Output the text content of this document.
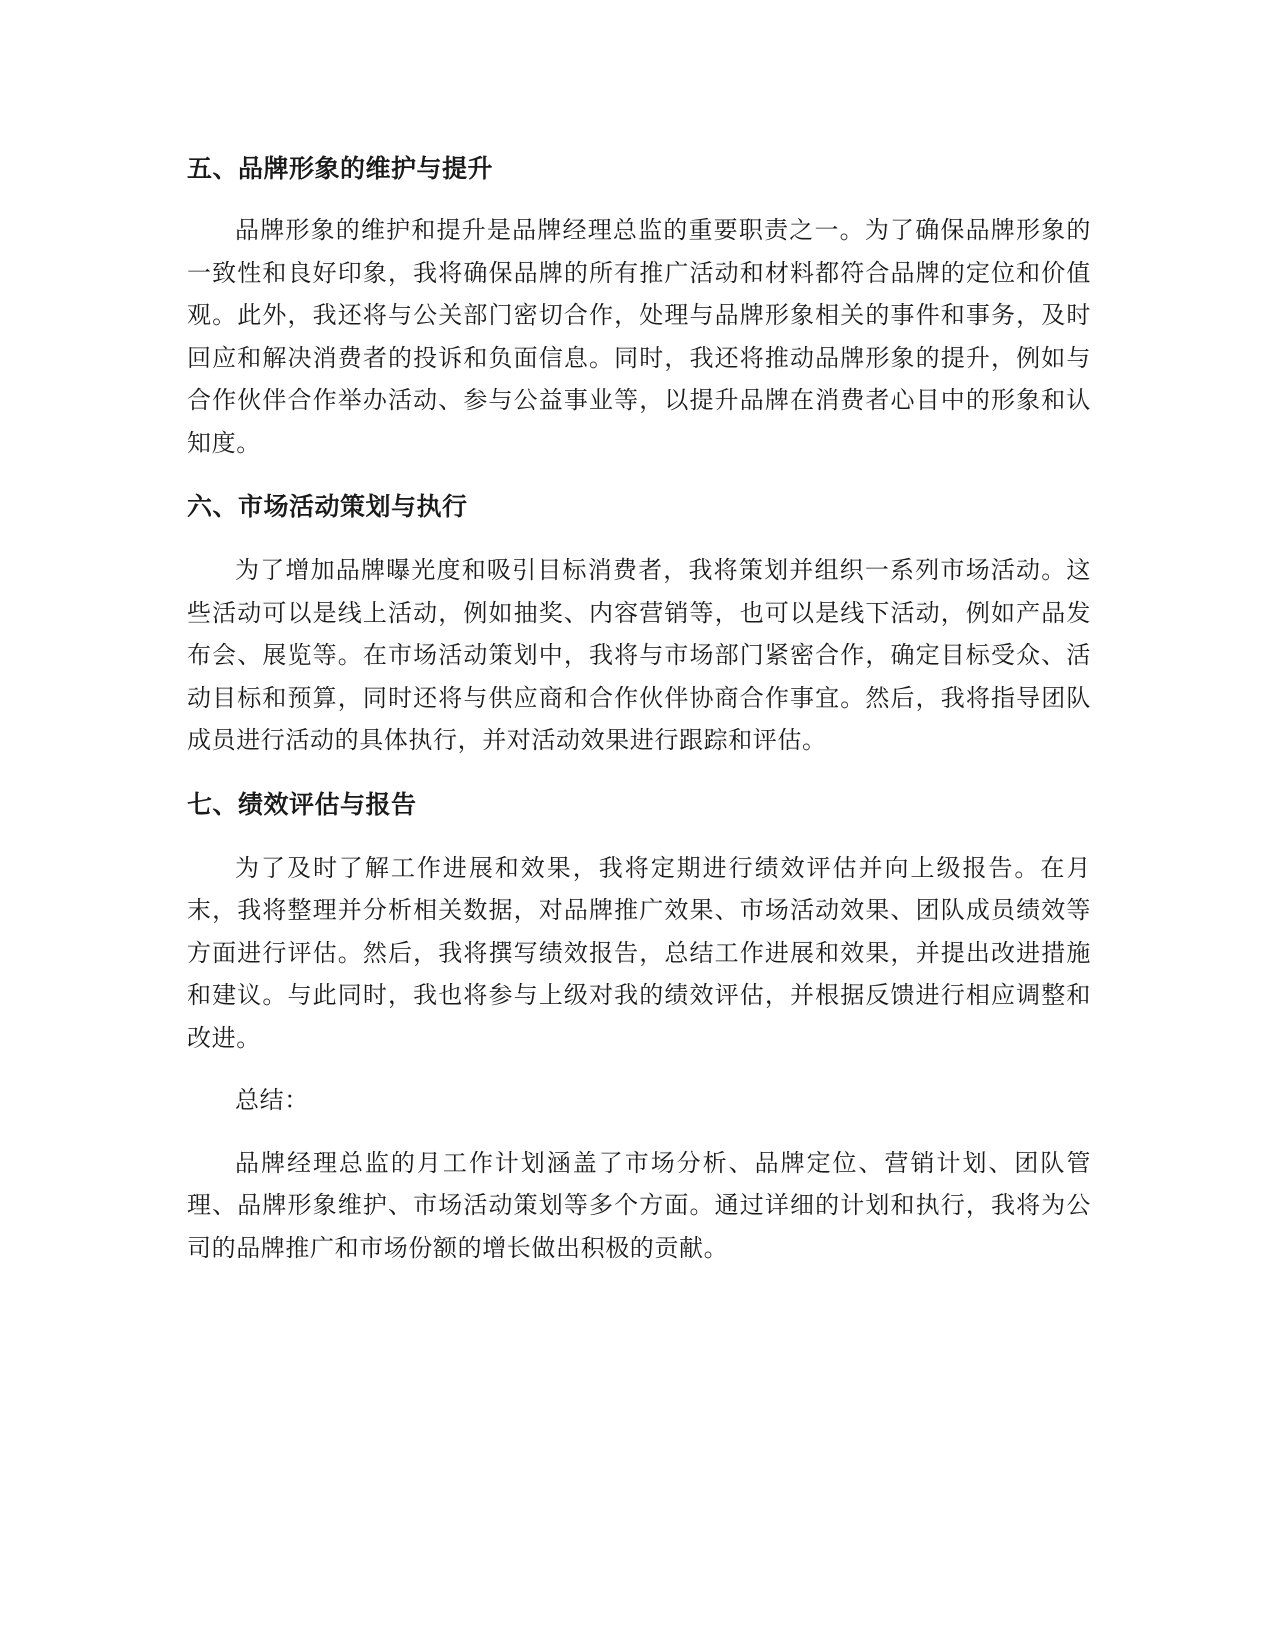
五、品牌形象的维护与提升

品牌形象的维护和提升是品牌经理总监的重要职责之一。为了确保品牌形象的一致性和良好印象，我将确保品牌的所有推广活动和材料都符合品牌的定位和价值观。此外，我还将与公关部门密切合作，处理与品牌形象相关的事件和事务，及时回应和解决消费者的投诉和负面信息。同时，我还将推动品牌形象的提升，例如与合作伙伴合作举办活动、参与公益事业等，以提升品牌在消费者心目中的形象和认知度。

六、市场活动策划与执行

为了增加品牌曝光度和吸引目标消费者，我将策划并组织一系列市场活动。这些活动可以是线上活动，例如抽奖、内容营销等，也可以是线下活动，例如产品发布会、展览等。在市场活动策划中，我将与市场部门紧密合作，确定目标受众、活动目标和预算，同时还将与供应商和合作伙伴协商合作事宜。然后，我将指导团队成员进行活动的具体执行，并对活动效果进行跟踪和评估。

七、绩效评估与报告

为了及时了解工作进展和效果，我将定期进行绩效评估并向上级报告。在月末，我将整理并分析相关数据，对品牌推广效果、市场活动效果、团队成员绩效等方面进行评估。然后，我将撰写绩效报告，总结工作进展和效果，并提出改进措施和建议。与此同时，我也将参与上级对我的绩效评估，并根据反馈进行相应调整和改进。

总结：

品牌经理总监的月工作计划涵盖了市场分析、品牌定位、营销计划、团队管理、品牌形象维护、市场活动策划等多个方面。通过详细的计划和执行，我将为公司的品牌推广和市场份额的增长做出积极的贡献。
